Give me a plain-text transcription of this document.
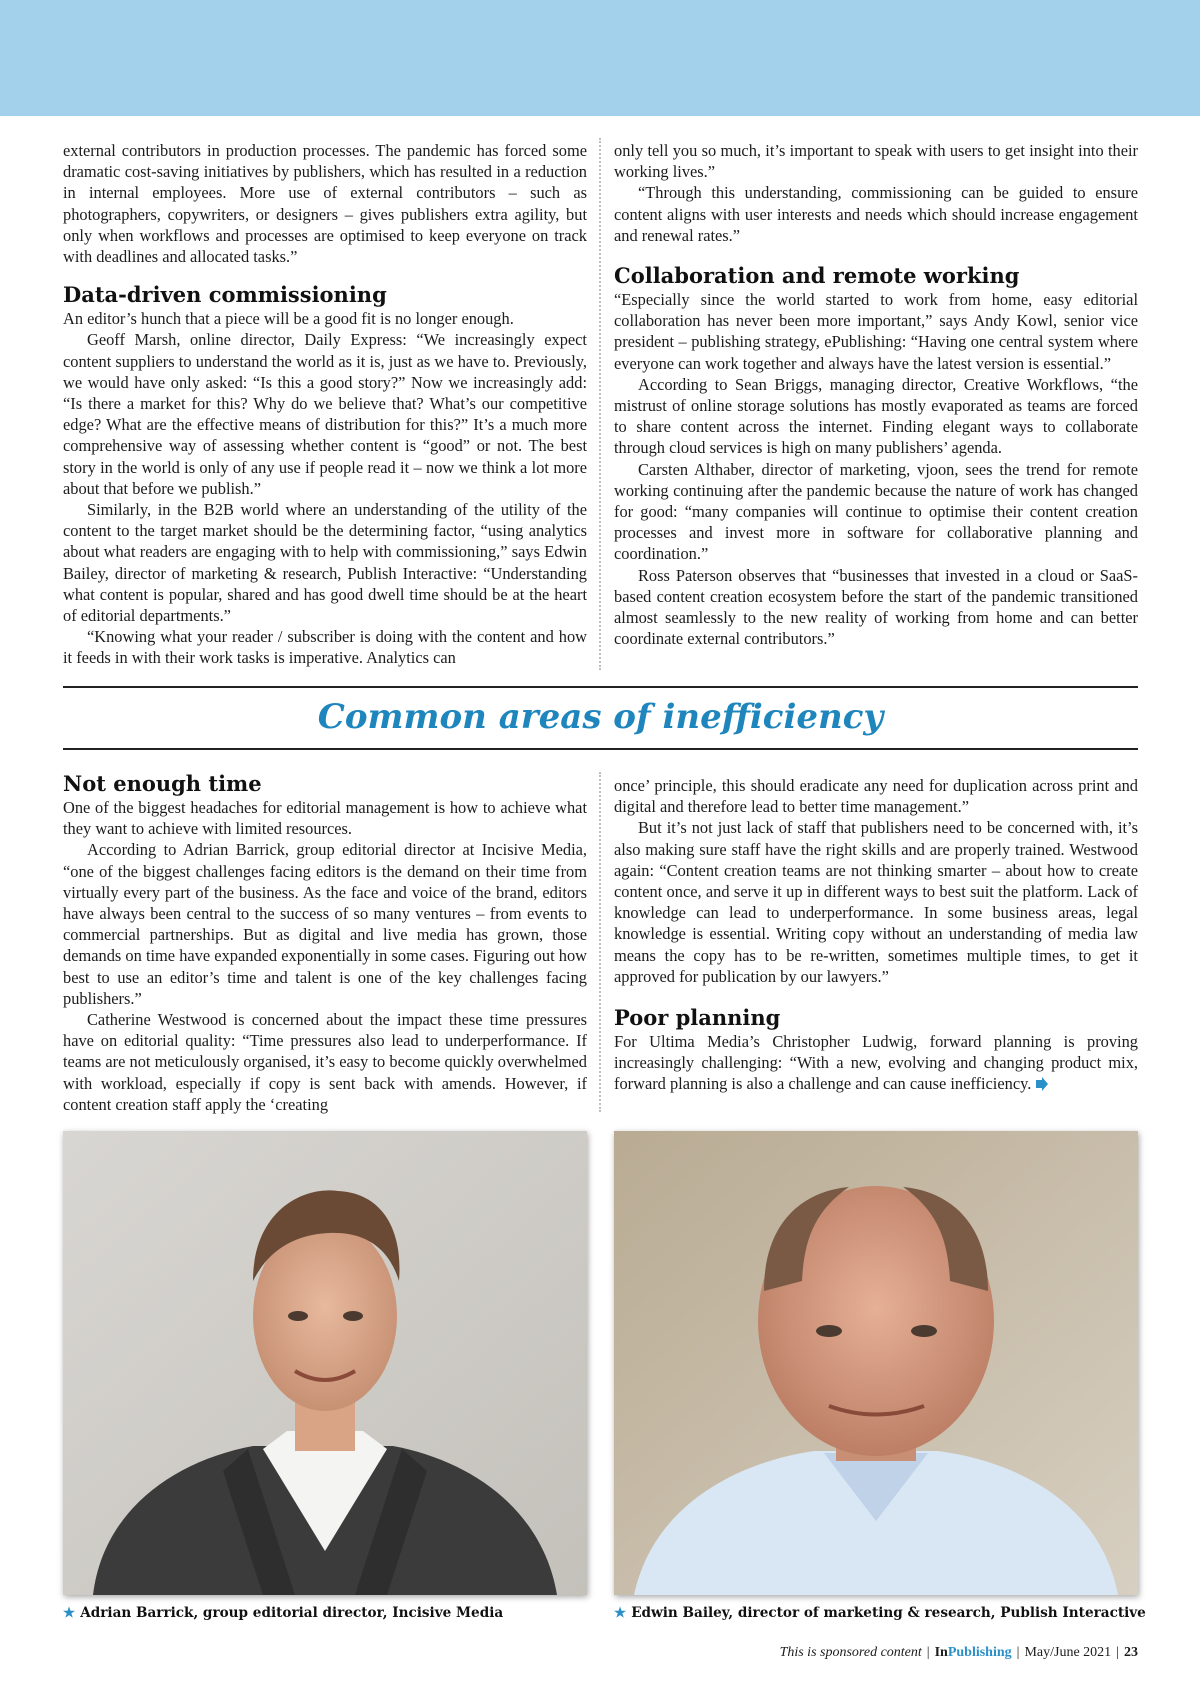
external contributors in production processes. The pandemic has forced some dramatic cost-saving initiatives by publishers, which has resulted in a reduction in internal employees. More use of external contributors – such as photographers, copywriters, or designers – gives publishers extra agility, but only when workflows and processes are optimised to keep everyone on track with deadlines and allocated tasks.”

Data-driven commissioning

An editor’s hunch that a piece will be a good fit is no longer enough.

Geoff Marsh, online director, Daily Express: “We increasingly expect content suppliers to understand the world as it is, just as we have to. Previously, we would have only asked: “Is this a good story?” Now we increasingly add: “Is there a market for this? Why do we believe that? What’s our competitive edge? What are the effective means of distribution for this?” It’s a much more comprehensive way of assessing whether content is “good” or not. The best story in the world is only of any use if people read it – now we think a lot more about that before we publish.”

Similarly, in the B2B world where an understanding of the utility of the content to the target market should be the determining factor, “using analytics about what readers are engaging with to help with commissioning,” says Edwin Bailey, director of marketing & research, Publish Interactive: “Understanding what content is popular, shared and has good dwell time should be at the heart of editorial departments.”

“Knowing what your reader / subscriber is doing with the content and how it feeds in with their work tasks is imperative. Analytics can

only tell you so much, it’s important to speak with users to get insight into their working lives.”

“Through this understanding, commissioning can be guided to ensure content aligns with user interests and needs which should increase engagement and renewal rates.”

Collaboration and remote working

“Especially since the world started to work from home, easy editorial collaboration has never been more important,” says Andy Kowl, senior vice president – publishing strategy, ePublishing: “Having one central system where everyone can work together and always have the latest version is essential.”

According to Sean Briggs, managing director, Creative Workflows, “the mistrust of online storage solutions has mostly evaporated as teams are forced to share content across the internet. Finding elegant ways to collaborate through cloud services is high on many publishers’ agenda.

Carsten Althaber, director of marketing, vjoon, sees the trend for remote working continuing after the pandemic because the nature of work has changed for good: “many companies will continue to optimise their content creation processes and invest more in software for collaborative planning and coordination.”

Ross Paterson observes that “businesses that invested in a cloud or SaaS-based content creation ecosystem before the start of the pandemic transitioned almost seamlessly to the new reality of working from home and can better coordinate external contributors.”

Common areas of inefficiency
Not enough time

One of the biggest headaches for editorial management is how to achieve what they want to achieve with limited resources.

According to Adrian Barrick, group editorial director at Incisive Media, “one of the biggest challenges facing editors is the demand on their time from virtually every part of the business. As the face and voice of the brand, editors have always been central to the success of so many ventures – from events to commercial partnerships. But as digital and live media has grown, those demands on time have expanded exponentially in some cases. Figuring out how best to use an editor’s time and talent is one of the key challenges facing publishers.”

Catherine Westwood is concerned about the impact these time pressures have on editorial quality: “Time pressures also lead to underperformance. If teams are not meticulously organised, it’s easy to become quickly overwhelmed with workload, especially if copy is sent back with amends. However, if content creation staff apply the ‘creating

once’ principle, this should eradicate any need for duplication across print and digital and therefore lead to better time management.”

But it’s not just lack of staff that publishers need to be concerned with, it’s also making sure staff have the right skills and are properly trained. Westwood again: “Content creation teams are not thinking smarter – about how to create content once, and serve it up in different ways to best suit the platform. Lack of knowledge can lead to underperformance. In some business areas, legal knowledge is essential. Writing copy without an understanding of media law means the copy has to be re-written, sometimes multiple times, to get it approved for publication by our lawyers.”

Poor planning

For Ultima Media’s Christopher Ludwig, forward planning is proving increasingly challenging: “With a new, evolving and changing product mix, forward planning is also a challenge and can cause inefficiency.

★ Adrian Barrick, group editorial director, Incisive Media	★ Edwin Bailey, director of marketing & research, Publish Interactive
This is sponsored content | InPublishing | May/June 2021 | 23
